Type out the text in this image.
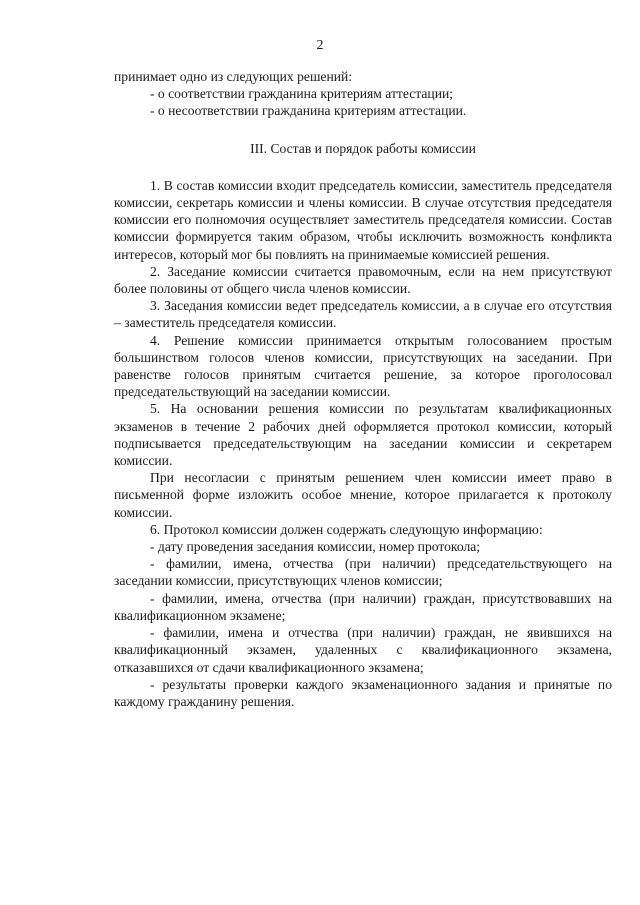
2

принимает одно из следующих решений:

- о соответствии гражданина критериям аттестации;

- о несоответствии гражданина критериям аттестации.

III. Состав и порядок работы комиссии

1. В состав комиссии входит председатель комиссии, заместитель председателя комиссии, секретарь комиссии и члены комиссии. В случае отсутствия председателя комиссии его полномочия осуществляет заместитель председателя комиссии. Состав комиссии формируется таким образом, чтобы исключить возможность конфликта интересов, который мог бы повлиять на принимаемые комиссией решения.

2. Заседание комиссии считается правомочным, если на нем присутствуют более половины от общего числа членов комиссии.

3. Заседания комиссии ведет председатель комиссии, а в случае его отсутствия – заместитель председателя комиссии.

4. Решение комиссии принимается открытым голосованием простым большинством голосов членов комиссии, присутствующих на заседании. При равенстве голосов принятым считается решение, за которое проголосовал председательствующий на заседании комиссии.

5. На основании решения комиссии по результатам квалификационных экзаменов в течение 2 рабочих дней оформляется протокол комиссии, который подписывается председательствующим на заседании комиссии и секретарем комиссии.

При несогласии с принятым решением член комиссии имеет право в письменной форме изложить особое мнение, которое прилагается к протоколу комиссии.

6. Протокол комиссии должен содержать следующую информацию:

- дату проведения заседания комиссии, номер протокола;

- фамилии, имена, отчества (при наличии) председательствующего на заседании комиссии, присутствующих членов комиссии;

- фамилии, имена, отчества (при наличии) граждан, присутствовавших на квалификационном экзамене;

- фамилии, имена и отчества (при наличии) граждан, не явившихся на квалификационный экзамен, удаленных с квалификационного экзамена, отказавшихся от сдачи квалификационного экзамена;

- результаты проверки каждого экзаменационного задания и принятые по каждому гражданину решения.
